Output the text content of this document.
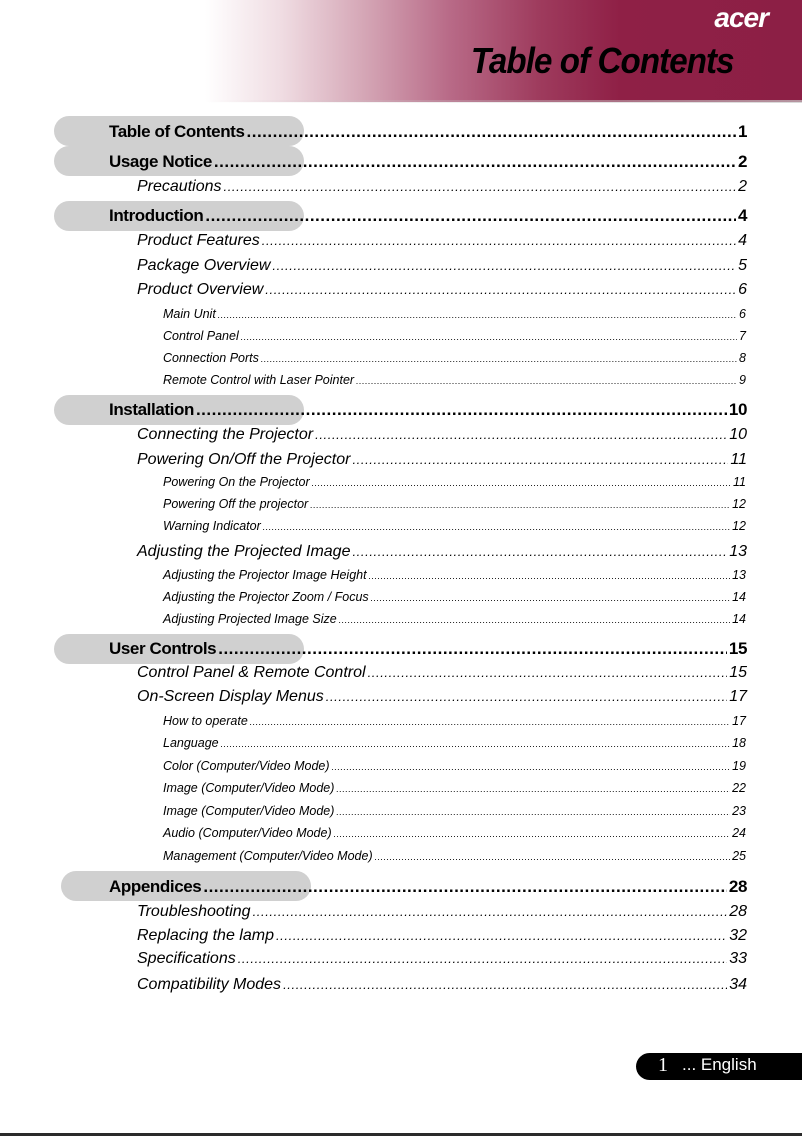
acer
Table of Contents
Table of Contents .....	1
Usage Notice .....	2
Precautions .....	2
Introduction .....	4
Product Features .....	4
Package Overview .....	5
Product Overview .....	6
Main Unit .....	6
Control Panel .....	7
Connection Ports .....	8
Remote Control with Laser Pointer .....	9
Installation .....	10
Connecting the Projector .....	10
Powering On/Off the Projector .....	11
Powering On the Projector .....	11
Powering Off the projector .....	12
Warning Indicator .....	12
Adjusting the Projected Image .....	13
Adjusting the Projector Image Height .....	13
Adjusting the Projector Zoom / Focus .....	14
Adjusting Projected Image Size .....	14
User Controls .....	15
Control Panel & Remote Control .....	15
On-Screen Display Menus .....	17
How to operate .....	17
Language .....	18
Color (Computer/Video Mode) .....	19
Image (Computer/Video Mode) .....	22
Image (Computer/Video Mode) .....	23
Audio (Computer/Video Mode) .....	24
Management (Computer/Video Mode) .....	25
Appendices .....	28
Troubleshooting .....	28
Replacing the lamp .....	32
Specifications .....	33
Compatibility Modes .....	34
1 ... English
